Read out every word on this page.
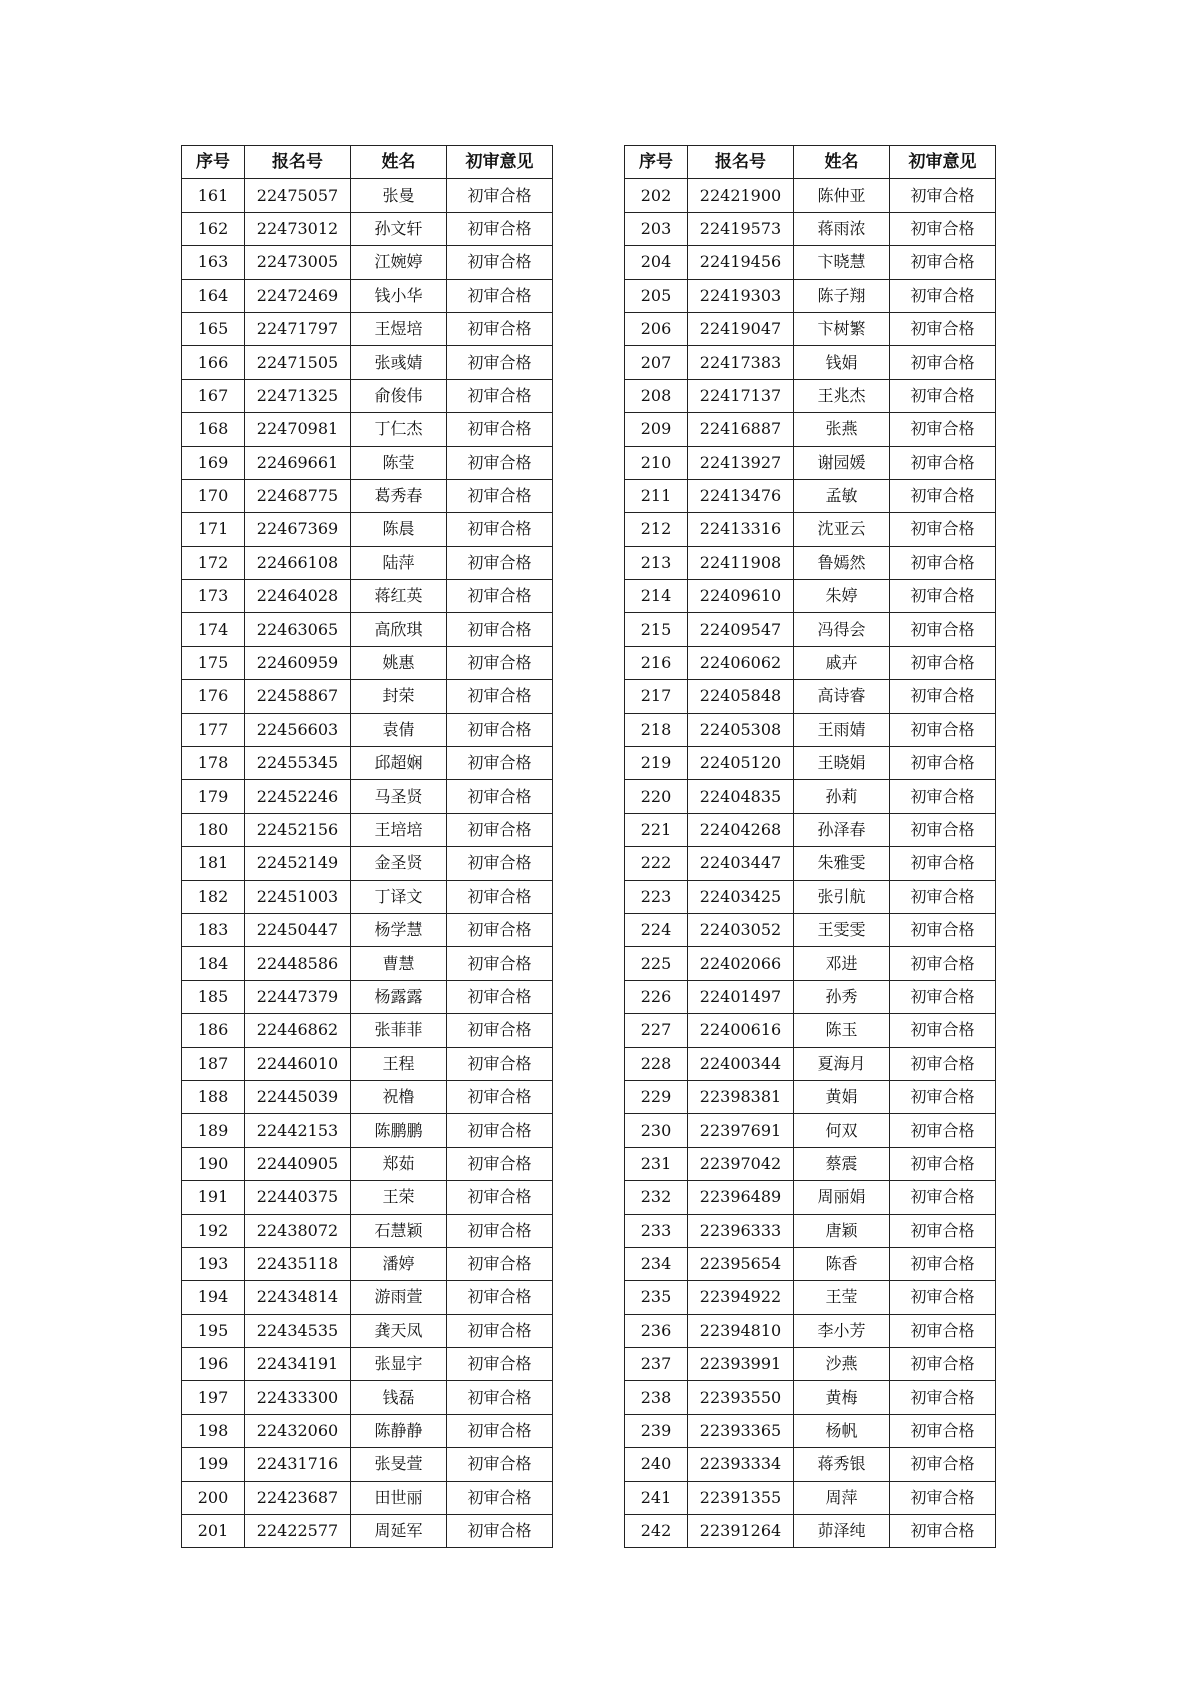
序号	报名号	姓名	初审意见
161	22475057	张曼	初审合格
162	22473012	孙文轩	初审合格
163	22473005	江婉婷	初审合格
164	22472469	钱小华	初审合格
165	22471797	王煜培	初审合格
166	22471505	张彧婧	初审合格
167	22471325	俞俊伟	初审合格
168	22470981	丁仁杰	初审合格
169	22469661	陈莹	初审合格
170	22468775	葛秀春	初审合格
171	22467369	陈晨	初审合格
172	22466108	陆萍	初审合格
173	22464028	蒋红英	初审合格
174	22463065	高欣琪	初审合格
175	22460959	姚惠	初审合格
176	22458867	封荣	初审合格
177	22456603	袁倩	初审合格
178	22455345	邱超娴	初审合格
179	22452246	马圣贤	初审合格
180	22452156	王培培	初审合格
181	22452149	金圣贤	初审合格
182	22451003	丁译文	初审合格
183	22450447	杨学慧	初审合格
184	22448586	曹慧	初审合格
185	22447379	杨露露	初审合格
186	22446862	张菲菲	初审合格
187	22446010	王程	初审合格
188	22445039	祝橹	初审合格
189	22442153	陈鹏鹏	初审合格
190	22440905	郑茹	初审合格
191	22440375	王荣	初审合格
192	22438072	石慧颖	初审合格
193	22435118	潘婷	初审合格
194	22434814	游雨萱	初审合格
195	22434535	龚天凤	初审合格
196	22434191	张显宇	初审合格
197	22433300	钱磊	初审合格
198	22432060	陈静静	初审合格
199	22431716	张旻萱	初审合格
200	22423687	田世丽	初审合格
201	22422577	周延军	初审合格
序号	报名号	姓名	初审意见
202	22421900	陈仲亚	初审合格
203	22419573	蒋雨浓	初审合格
204	22419456	卞晓慧	初审合格
205	22419303	陈子翔	初审合格
206	22419047	卞树繁	初审合格
207	22417383	钱娟	初审合格
208	22417137	王兆杰	初审合格
209	22416887	张燕	初审合格
210	22413927	谢园媛	初审合格
211	22413476	孟敏	初审合格
212	22413316	沈亚云	初审合格
213	22411908	鲁嫣然	初审合格
214	22409610	朱婷	初审合格
215	22409547	冯得会	初审合格
216	22406062	戚卉	初审合格
217	22405848	高诗睿	初审合格
218	22405308	王雨婧	初审合格
219	22405120	王晓娟	初审合格
220	22404835	孙莉	初审合格
221	22404268	孙泽春	初审合格
222	22403447	朱雅雯	初审合格
223	22403425	张引航	初审合格
224	22403052	王雯雯	初审合格
225	22402066	邓进	初审合格
226	22401497	孙秀	初审合格
227	22400616	陈玉	初审合格
228	22400344	夏海月	初审合格
229	22398381	黄娟	初审合格
230	22397691	何双	初审合格
231	22397042	蔡震	初审合格
232	22396489	周丽娟	初审合格
233	22396333	唐颖	初审合格
234	22395654	陈香	初审合格
235	22394922	王莹	初审合格
236	22394810	李小芳	初审合格
237	22393991	沙燕	初审合格
238	22393550	黄梅	初审合格
239	22393365	杨帆	初审合格
240	22393334	蒋秀银	初审合格
241	22391355	周萍	初审合格
242	22391264	茆泽纯	初审合格
